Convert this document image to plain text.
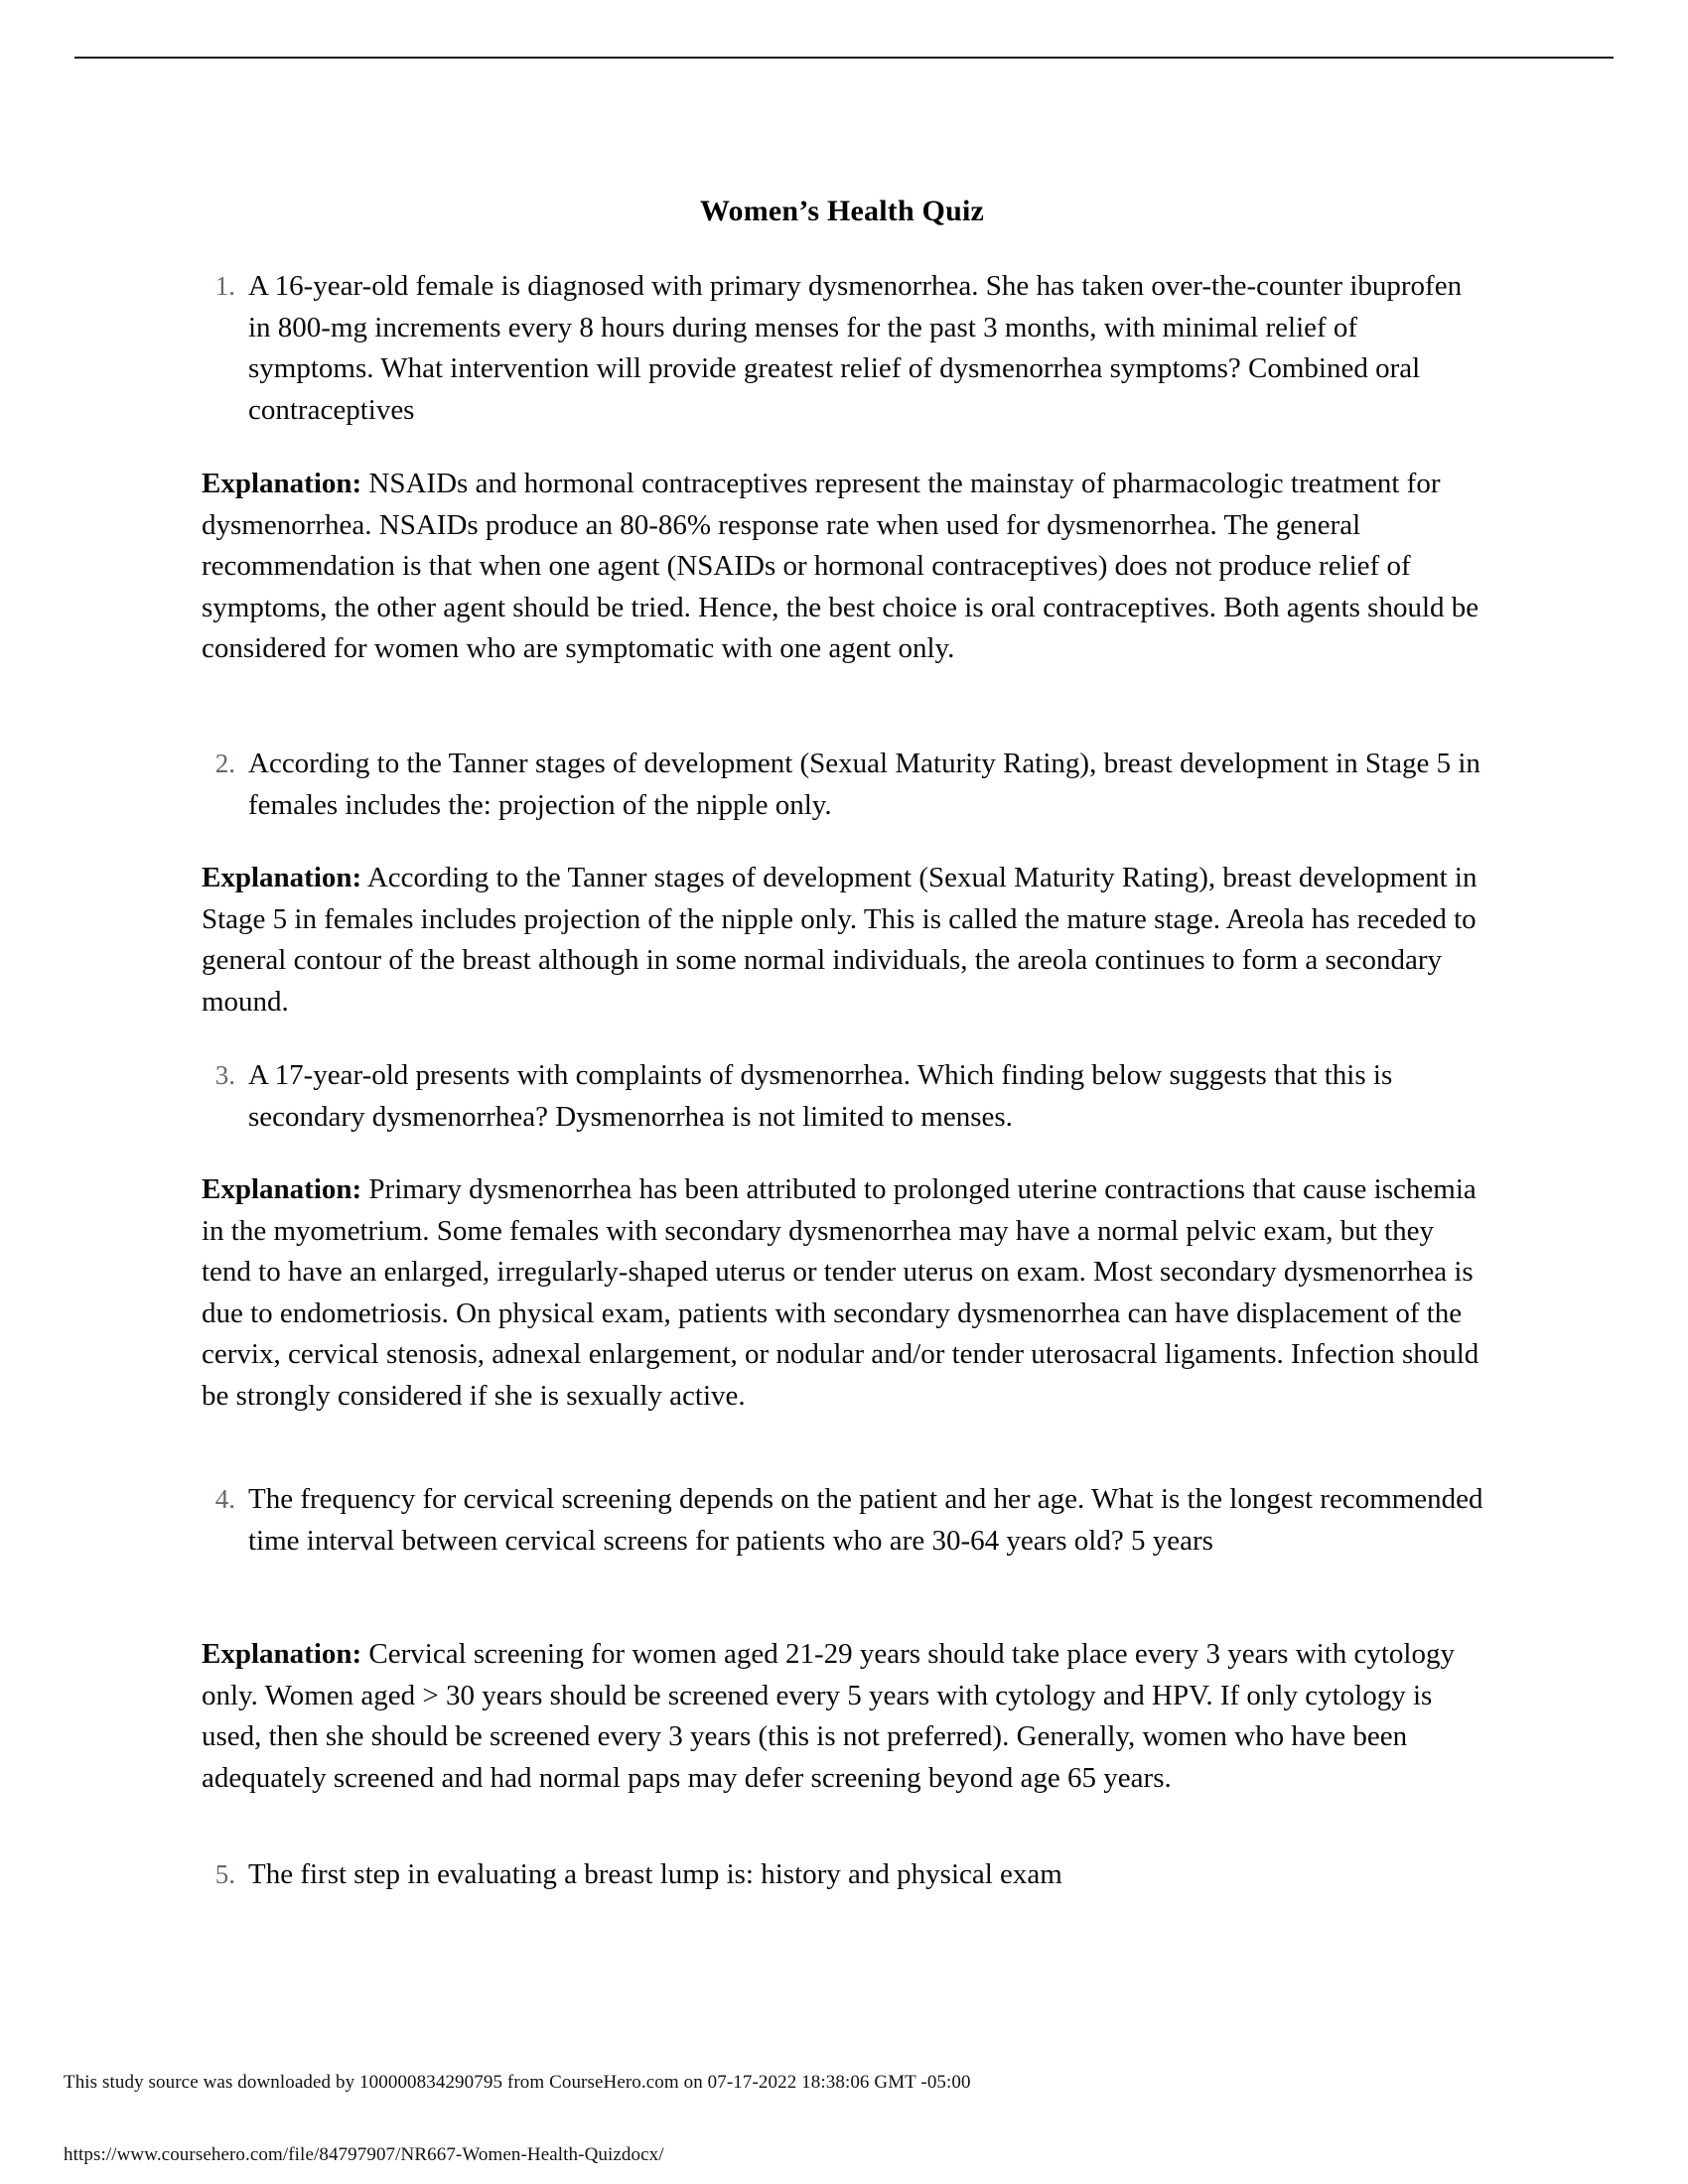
Women’s Health Quiz
1. A 16-year-old female is diagnosed with primary dysmenorrhea. She has taken over-the-counter ibuprofen in 800-mg increments every 8 hours during menses for the past 3 months, with minimal relief of symptoms. What intervention will provide greatest relief of dysmenorrhea symptoms? Combined oral contraceptives

Explanation: NSAIDs and hormonal contraceptives represent the mainstay of pharmacologic treatment for dysmenorrhea. NSAIDs produce an 80-86% response rate when used for dysmenorrhea. The general recommendation is that when one agent (NSAIDs or hormonal contraceptives) does not produce relief of symptoms, the other agent should be tried. Hence, the best choice is oral contraceptives. Both agents should be considered for women who are symptomatic with one agent only.

2. According to the Tanner stages of development (Sexual Maturity Rating), breast development in Stage 5 in females includes the: projection of the nipple only.

Explanation: According to the Tanner stages of development (Sexual Maturity Rating), breast development in Stage 5 in females includes projection of the nipple only. This is called the mature stage. Areola has receded to general contour of the breast although in some normal individuals, the areola continues to form a secondary mound.

3. A 17-year-old presents with complaints of dysmenorrhea. Which finding below suggests that this is secondary dysmenorrhea? Dysmenorrhea is not limited to menses.

Explanation: Primary dysmenorrhea has been attributed to prolonged uterine contractions that cause ischemia in the myometrium. Some females with secondary dysmenorrhea may have a normal pelvic exam, but they tend to have an enlarged, irregularly-shaped uterus or tender uterus on exam. Most secondary dysmenorrhea is due to endometriosis. On physical exam, patients with secondary dysmenorrhea can have displacement of the cervix, cervical stenosis, adnexal enlargement, or nodular and/or tender uterosacral ligaments. Infection should be strongly considered if she is sexually active.

4. The frequency for cervical screening depends on the patient and her age. What is the longest recommended time interval between cervical screens for patients who are 30-64 years old? 5 years

Explanation: Cervical screening for women aged 21-29 years should take place every 3 years with cytology only. Women aged > 30 years should be screened every 5 years with cytology and HPV. If only cytology is used, then she should be screened every 3 years (this is not preferred). Generally, women who have been adequately screened and had normal paps may defer screening beyond age 65 years.

5. The first step in evaluating a breast lump is: history and physical exam
This study source was downloaded by 100000834290795 from CourseHero.com on 07-17-2022 18:38:06 GMT -05:00
https://www.coursehero.com/file/84797907/NR667-Women-Health-Quizdocx/
